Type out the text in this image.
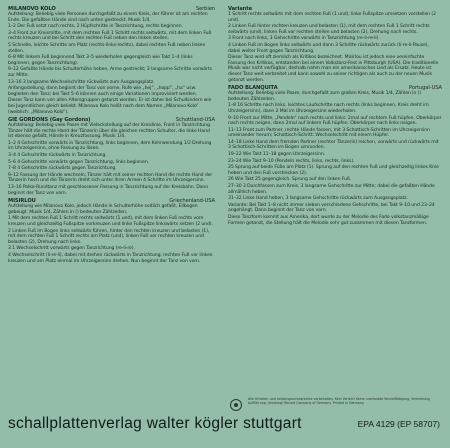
MILANOVO KOLO	Serbien
Aufstellung: Beliebig viele Personen durchgefaßt zu einem Kreis, der führer ist am rechten Ende. Die gefaßten Hände sind nach unten gestreckt. Musik 1/4.
1–2 Der Fuß setzt nach rechts, 2 Hüpfschritte in Tanzrichtung, rechts beginnen.
3–4 Front zur Kreismitte, mit dem rechten Fuß 1 Schritt rechts seitwärts, mit dem linken Fuß rechts kreuzen und bei Schritt den rechten Fuß neben den linken stellen.
5 Schnelle, leichte Schritte am Platz (rechts-links-rechts), dabei rechten Fuß neben linken stellen.
6–8 Mit linkem Fuß beginnend Takt 3–5 wiederholen gegengleich wie Takt 1–4 (links beginnen, gegen Tanzrichtung).
9–12 Gefaßte Hände bis Schulterhöhe heben, Arme gestreckt; 3 langsame Schritte vorwärts zur Mitte.
13–16 3 langsame Wechselschritte rückwärts zum Ausgangsplatz.
Anfangsstellung, dann beginnt der Tanz von vorne. Rufe wie „hej“, „hopp“, „ha“ usw. begleiten den Tanz; bei Takt 5–6 können auch einige Variationen improvisiert werden.
Dieser Tanz kann von allen Altersgruppen getanzt werden. Er ist daher bei Schulkindern wie bei Jugendlichen gleich beliebt. Milanovo Kolo heißt nach dem Namen „Milanovo Kolo“ (weiblich: „Milanovo Kolo“).
GIE GORDONS (Gay Gordons)	Schottland-USA
Aufstellung: Beliebig viele Paare mit Vieleckstellung auf der Kreislinie, Front in Tanzrichtung. Tänzer hält die rechte Hand der Tänzerin über die gleichen rechten Schulter, die linke Hand ist ebenso gefaßt, Hände in Kreuzfassung. Musik 1/4.
1–2 4 Gehschritte vorwärts in Tanzrichtung, links beginnen, dem Kehrwendung 1/2 Drehung im Uhrzeigersinn, ohne Fassung zu lösen.
3–4 4 Gehschritte rückwärts in Tanzrichtung.
5–6 4 Gehschritte vorwärts gegen Tanzrichtung, links beginnen.
7–8 4 Gehschritte rückwärts gegen Tanzrichtung.
9–12 Fassung der Hände wechseln; Tänzer hält mit seiner rechten Hand die rechte Hand der Tänzerin hoch und die Tänzerin dreht sich unter ihren Armen 4 Schritte im Uhrzeigersinn.
13–16 Polka-Rundtanz mit geschlossener Fassung in Tanzrichtung auf der Kreisbahn. Dann beginnt der Tanz von vorn.
MISIRLOU	Griechenland-USA
Aufstellung wie Milanovo Kolo, jedoch Hände in Schulterhöhe seitlich gefaßt, Ellbogen gebeugt. Musik 1/4, Zählen in () bedeuten Zählzeiten.
1 Mit dem rechten Fuß 1 Schritt rechts seitwärts (1 und), mit dem linken Fuß rechts vorn kreuzen und gleichzeitig Fußspitze vorkreuzen und linke Fußspitze linkswärts setzen (2 und).
2 Linken Fuß im Bogen links seitwärts führen, hinter den rechten kreuzen und belasten (1), mit dem rechten Fuß 1 Schritt rechts am Platz (und), linken Fuß vor rechten kreuzen und belasten (2), Drehung nach links.
3 1 Wechselschritt vorwärts gegen Tanzrichtung (re-li-re).
4 Wechselschritt (li-re-li), dabei mit drehen rückwärts in Tanzrichtung; rechten Fuß vor linken kreuzen und am Platz einmal im Uhrzeigersinn drehen. Nun beginnt der Tanz von vorn.
Variante
1 Schritt rechts seitwärts mit dem rechten Fuß (1 und), linke Fußspitze umsetzen vorstellen (2 und).
2 Linken Fuß hinter rechten kreuzen und belasten (1), mit dem rechten Fuß 1 Schritt rechts seitwärts (und), linken Fuß vor rechten stellen und belasten (2), Drehung nach rechts.
3 Front nach links, 3 Gehschritte vorwärts in Tanzrichtung (re-li-re-li).
4 Linken Fuß im Bogen links seitwärts und dann 3 Schritte rückwärts zurück (li-re-li-Pause), dabei weiter Front gegen Tanzrichtung.
Dieser Tanz wird oft ziemlich als Kritikos bezeichnet. Misirlou ist jedoch eine vereinfachte Fassung des Kritikos, entstanden bei einem Volkstanz-Fest in Pittsburgh (USA). Die traditionelle Musik war nicht verfügbar, deshalb nahm man ein amerikanisches Lied als Ersatz. Heute ist dieser Tanz weit verbreitet und kann sowohl zu seiner richtigen als auch zu der neuen Musik getanzt werden.
FADO BLANQUITA	Portugal-USA
Aufstellung: Beliebig viele Paare, durchgefaßt zum großen Kreis, Musik 1/4, Zählen in () bedeuten Zählzeiten.
1–8 16 Schritte nach links, leichtes Laufschritte nach rechts (links beginnen, Kreis dreht im Uhrzeigersinn), dann 2 Mal im Uhrzeigersinn wiederholen.
9–10 Front zur Mitte, „Pendeln“ nach rechts und links: 2mal auf rechtem Fuß hüpfen. Oberkörper nach rechts neigen, dann 2mal auf linkem Fuß hüpfen. Oberkörper nach links neigen.
11–13 Front zum Partner, rechte Hände fassen, mit 3 Schottisch-Schritten im Uhrzeigersinn umeinander herum; Schottisch-Schritt: Wechselschritt mit einem Hüpfer.
14–18 Linke Hand dem fremden Partner (rechter Tänzerin) reichen, vorwärts und rückwärts mit 3 Schottisch-Schritten im Bogen umrunden.
19–22 Wie Takt 11–18 gegen Uhrzeigersinn.
23–24 Wie Takt 9–10 (Pendeln rechts, links, rechts, links).
25 Sprung auf beide Füße am Platz (1). Sprung auf den rechten Fuß und gleichzeitig linkes Knie heben und den Fuß vorstrecken (2).
26 Wie Takt 25 gegengleich. Sprung auf den linken Fuß.
27–30 3 Durchfassen zum Kreis, 3 langsame Gehschritte zur Mitte; dabei die gefaßten Hände allmählich heben.
31–32 Linke Hand heben, 3 langsame Gehschritte rückwärts zum Ausgangsplatz.
Variante: Bei Takt 1–8 nicht immer sieben verschiedene Gehschritte, bei Takt 9–10 und 23–24 angehängt. Dann beginnt der Tanz von vorn.
Diese Tanzform kommt aus Amerika, dort wurde zu der Melodie des Fado volkstanzmäßige Formen getanzt, die Stellung hält die Melodie sehr gut zusammen mit diesen Tanzformen.
Alle Urheber- und Leistungsschutzrechte vorbehalten. Kein Verleih! Keine unerlaubte Vervielfältigung, Vermietung, Aufführung, Sendung! Record Company of Germany. Printed in Germany.
schallplattenverlag walter kögler stuttgart	EPA 4129 (EP 58707)
